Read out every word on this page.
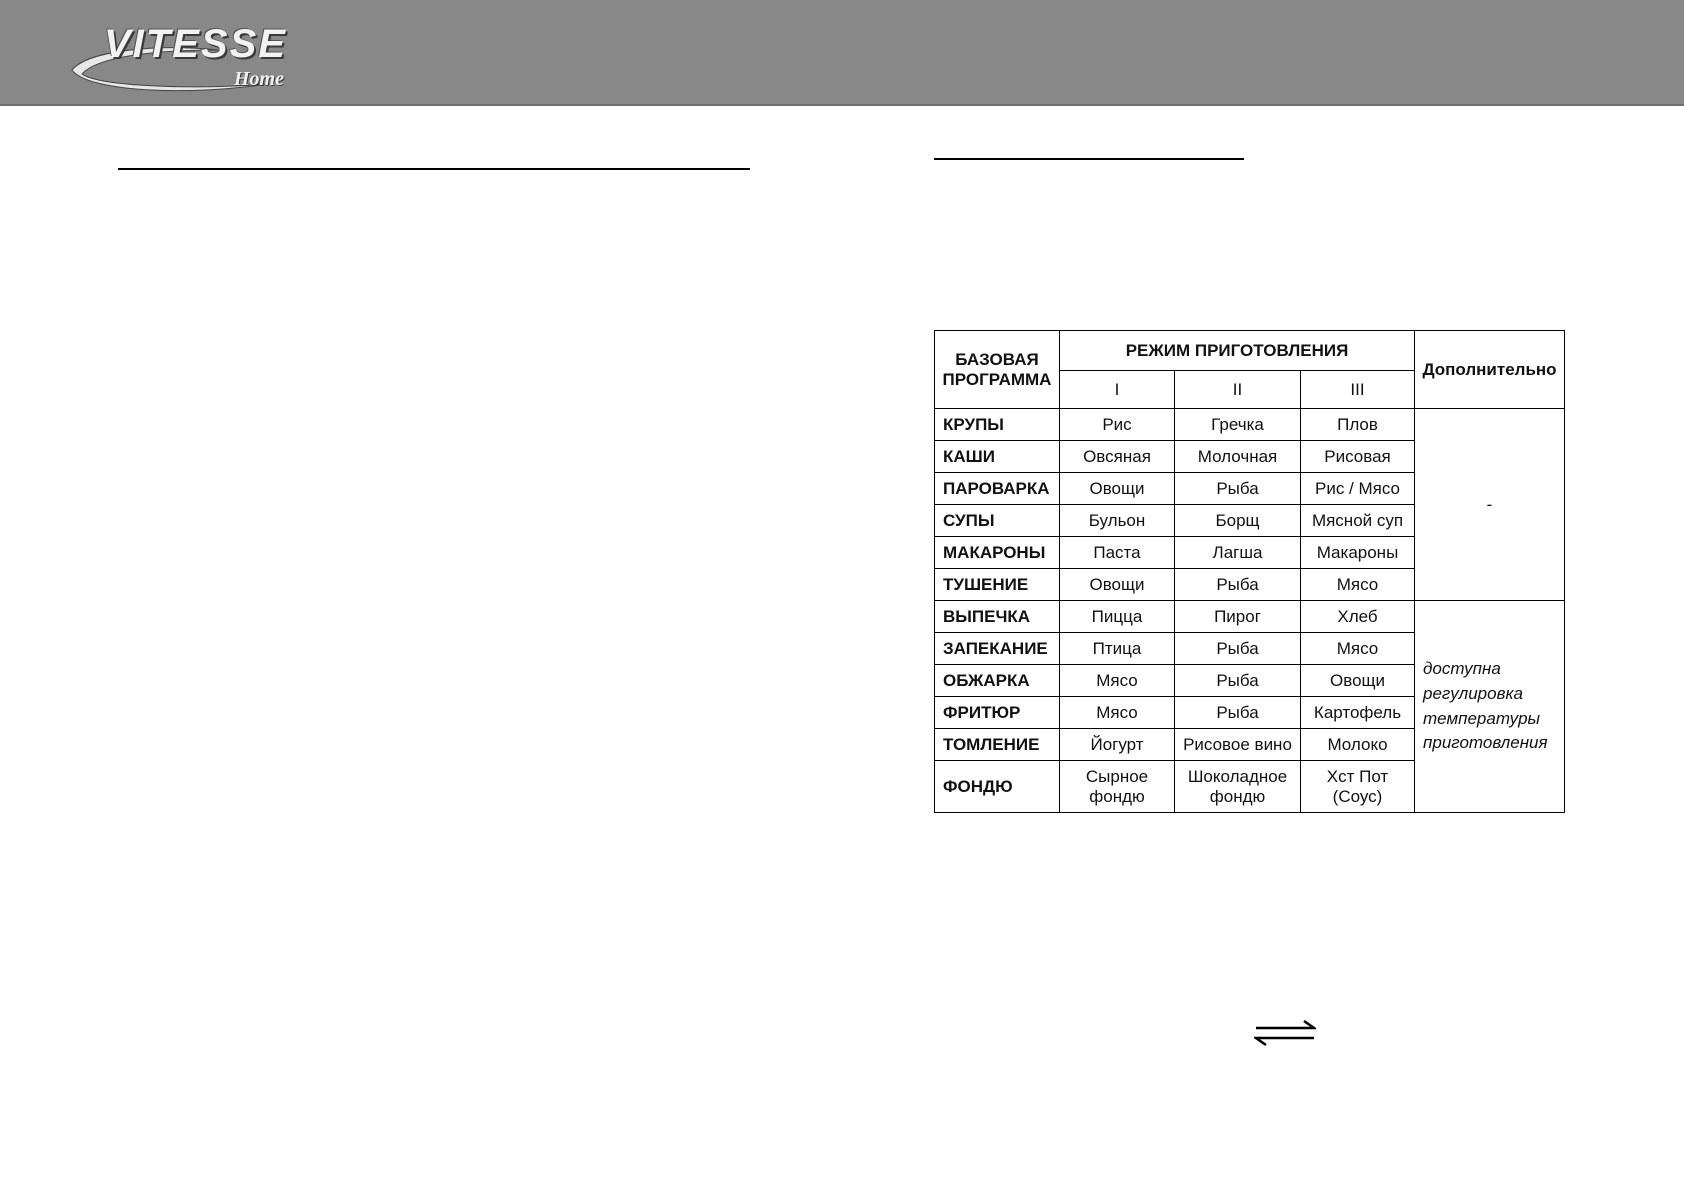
VITESSE
Home
БАЗОВАЯ ПРОГРАММА	РЕЖИМ ПРИГОТОВЛЕНИЯ			Дополнительно
	I	II	III	
КРУПЫ	Рис	Гречка	Плов	-
КАШИ	Овсяная	Молочная	Рисовая	
ПАРОВАРКА	Овощи	Рыба	Рис / Мясо	
СУПЫ	Бульон	Борщ	Мясной суп	
МАКАРОНЫ	Паста	Лагша	Макароны	
ТУШЕНИЕ	Овощи	Рыба	Мясо	
ВЫПЕЧКА	Пицца	Пирог	Хлеб	доступна регулировка температуры приготовления
ЗАПЕКАНИЕ	Птица	Рыба	Мясо	
ОБЖАРКА	Мясо	Рыба	Овощи	
ФРИТЮР	Мясо	Рыба	Картофель	
ТОМЛЕНИЕ	Йогурт	Рисовое вино	Молоко	
ФОНДЮ	Сырное фондю	Шоколадное фондю	Хст Пот (Соус)	
